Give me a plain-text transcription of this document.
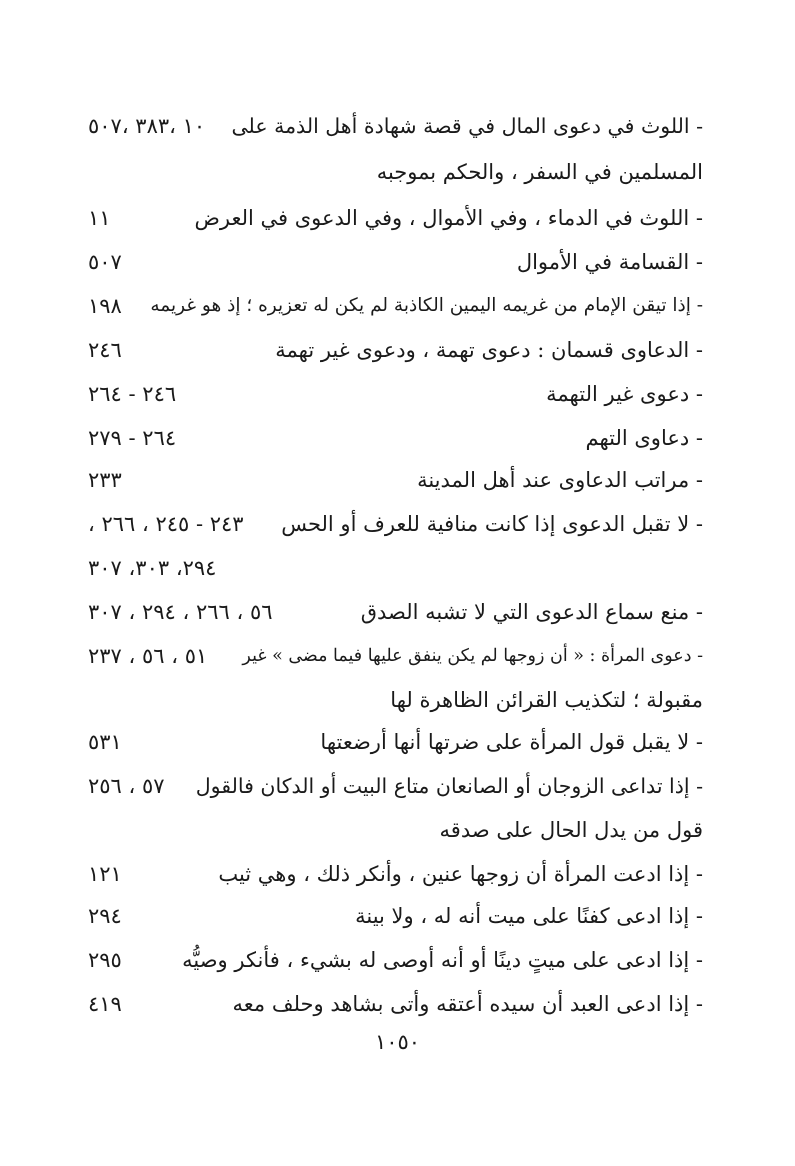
- اللوث في دعوى المال في قصة شهادة أهل الذمة على
١٠ ،٣٨٣ ،٥٠٧
المسلمين في السفر ، والحكم بموجبه
- اللوث في الدماء ، وفي الأموال ، وفي الدعوى في العرض
١١
- القسامة في الأموال
٥٠٧
- إذا تيقن الإمام من غريمه اليمين الكاذبة لم يكن له تعزيره ؛ إذ هو غريمه
١٩٨
- الدعاوى قسمان : دعوى تهمة ، ودعوى غير تهمة
٢٤٦
- دعوى غير التهمة
٢٤٦ - ٢٦٤
- دعاوى التهم
٢٦٤ - ٢٧٩
- مراتب الدعاوى عند أهل المدينة
٢٣٣
- لا تقبل الدعوى إذا كانت منافية للعرف أو الحس
٢٤٣ - ٢٤٥ ، ٢٦٦ ،
٢٩٤، ٣٠٣، ٣٠٧
- منع سماع الدعوى التي لا تشبه الصدق
٥٦ ، ٢٦٦ ، ٢٩٤ ، ٣٠٧
- دعوى المرأة : « أن زوجها لم يكن ينفق عليها فيما مضى » غير
٥١ ، ٥٦ ، ٢٣٧
مقبولة ؛ لتكذيب القرائن الظاهرة لها
- لا يقبل قول المرأة على ضرتها أنها أرضعتها
٥٣١
- إذا تداعى الزوجان أو الصانعان متاع البيت أو الدكان فالقول
٥٧ ، ٢٥٦
قول من يدل الحال على صدقه
- إذا ادعت المرأة أن زوجها عنين ، وأنكر ذلك ، وهي ثيب
١٢١
- إذا ادعى كفنًا على ميت أنه له ، ولا بينة
٢٩٤
- إذا ادعى على ميتٍ دينًا أو أنه أوصى له بشيء ، فأنكر وصيُّه
٢٩٥
- إذا ادعى العبد أن سيده أعتقه وأتى بشاهد وحلف معه
٤١٩
١٠٥٠
